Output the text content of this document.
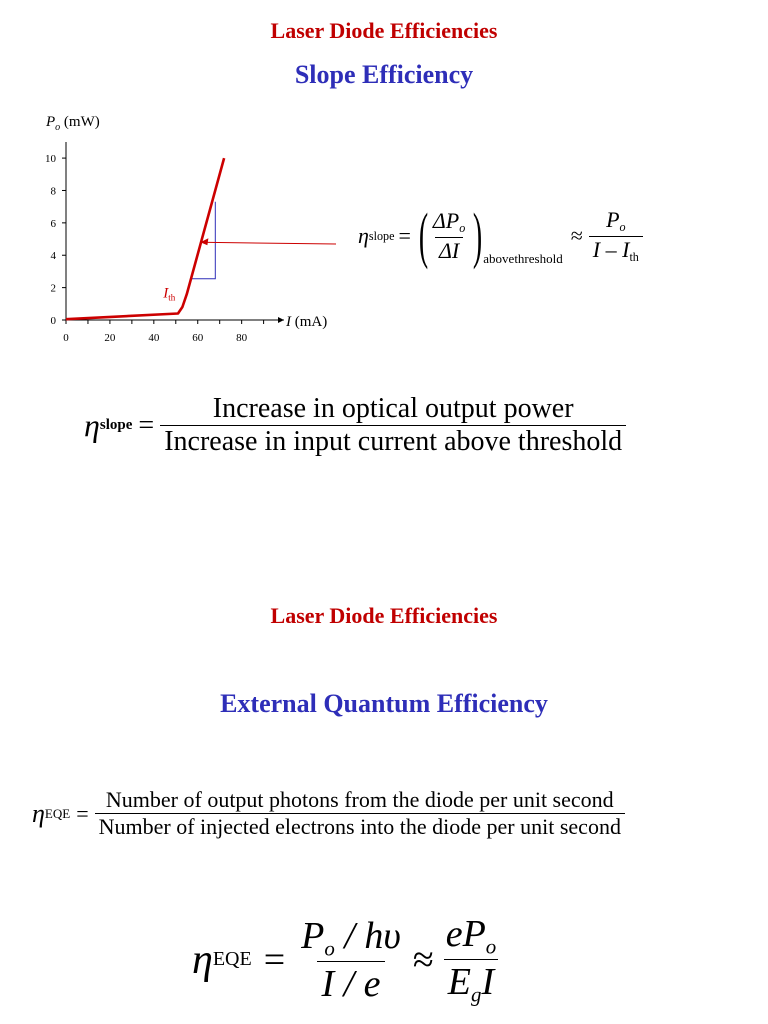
Laser Diode Efficiencies
Slope Efficiency
0	20	40	60	80
0
2
4
6
8
10
I (mA)
$P_o$ (mW)
$I_{th}$
η slope = ( $\frac{\Delta P_o}{\Delta I}$ ) abovethreshold
≈ $\frac{P_o}{I - I_{th}}$
η slope = $\frac{\text{Increase in optical output power}}{\text{Increase in input current above threshold}}$
Laser Diode Efficiencies
External Quantum Efficiency
η EQE = $\frac{\text{Number of output photons from the diode per unit second}}{\text{Number of injected electrons into the diode per unit second}}$
η EQE = $\frac{P_o / h\upsilon}{I / e} \approx \frac{eP_o}{E_gI}$
